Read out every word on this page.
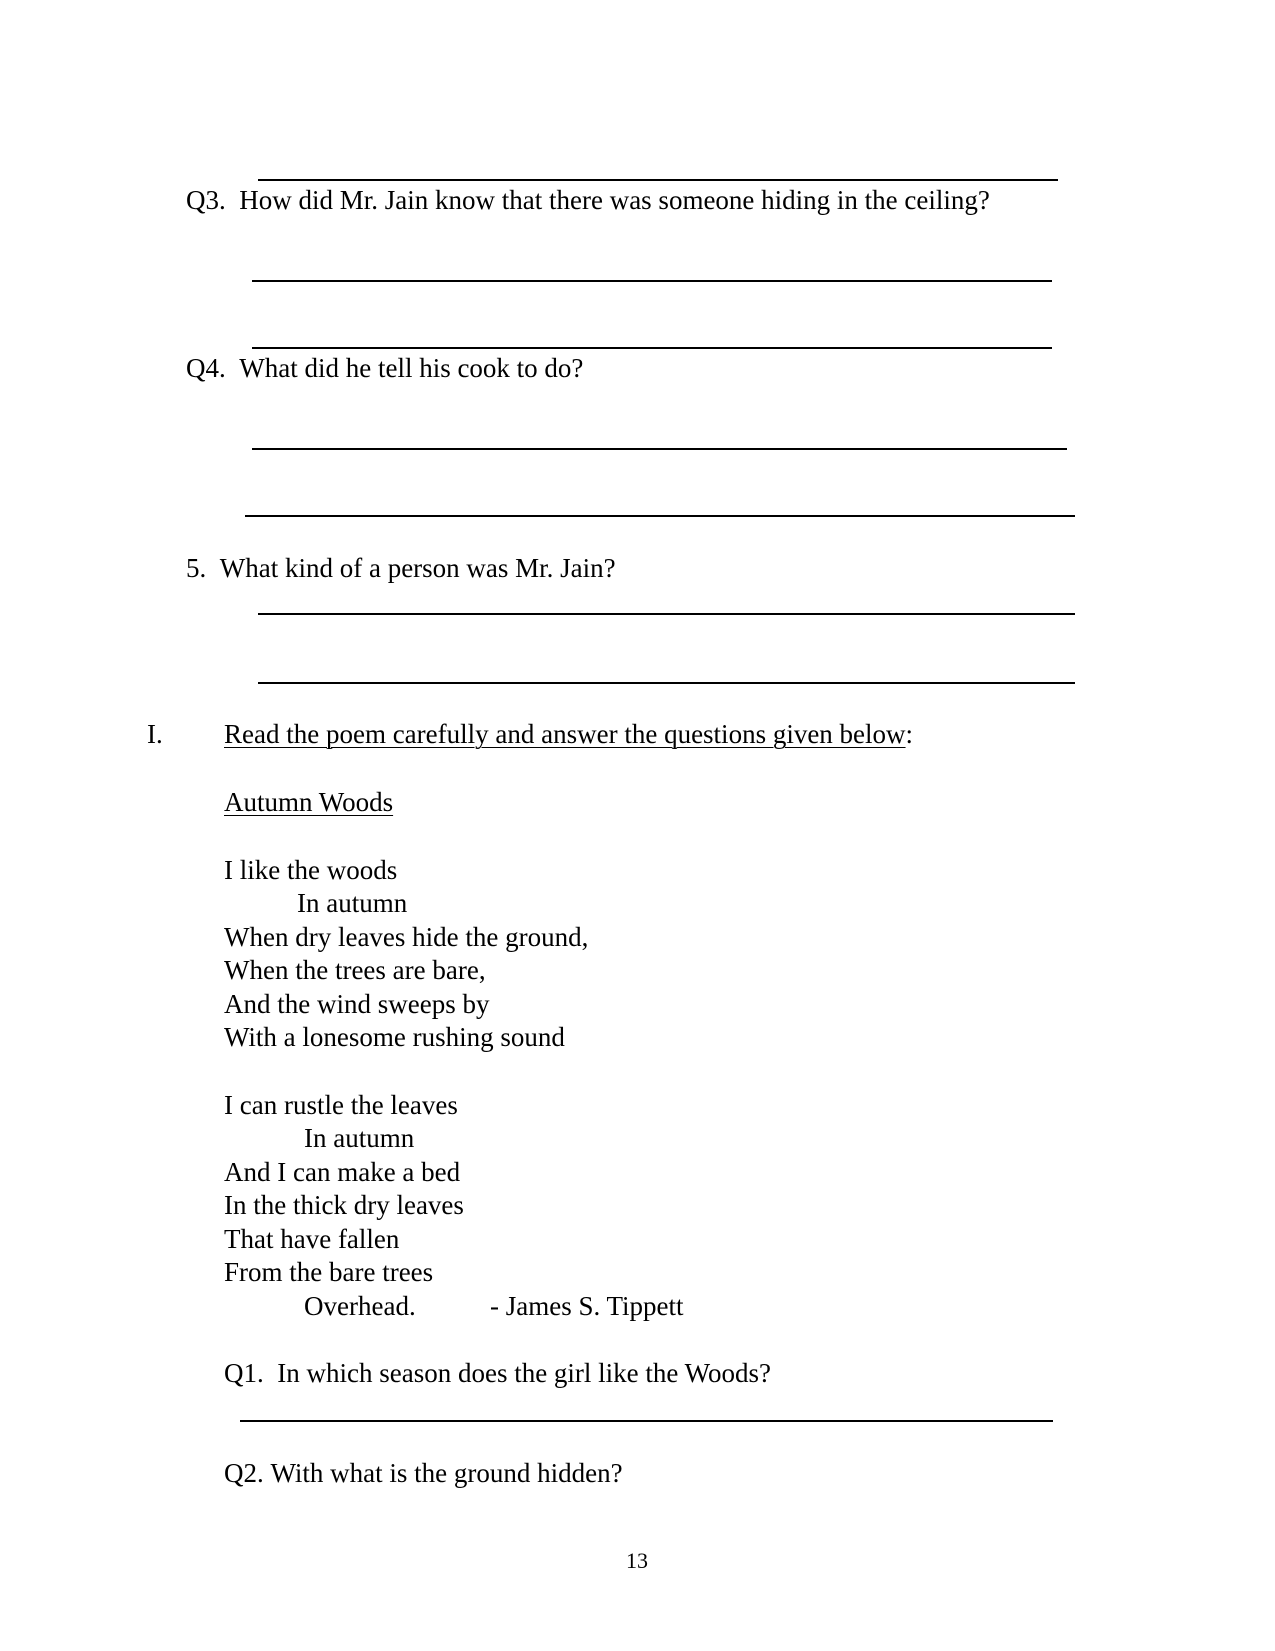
Q3. How did Mr. Jain know that there was someone hiding in the ceiling?
Q4. What did he tell his cook to do?
5. What kind of a person was Mr. Jain?
I. Read the poem carefully and answer the questions given below:
Autumn Woods
I like the woods
In autumn
When dry leaves hide the ground,
When the trees are bare,
And the wind sweeps by
With a lonesome rushing sound
I can rustle the leaves
In autumn
And I can make a bed
In the thick dry leaves
That have fallen
From the bare trees
Overhead.	- James S. Tippett
Q1. In which season does the girl like the Woods?
Q2. With what is the ground hidden?
13
